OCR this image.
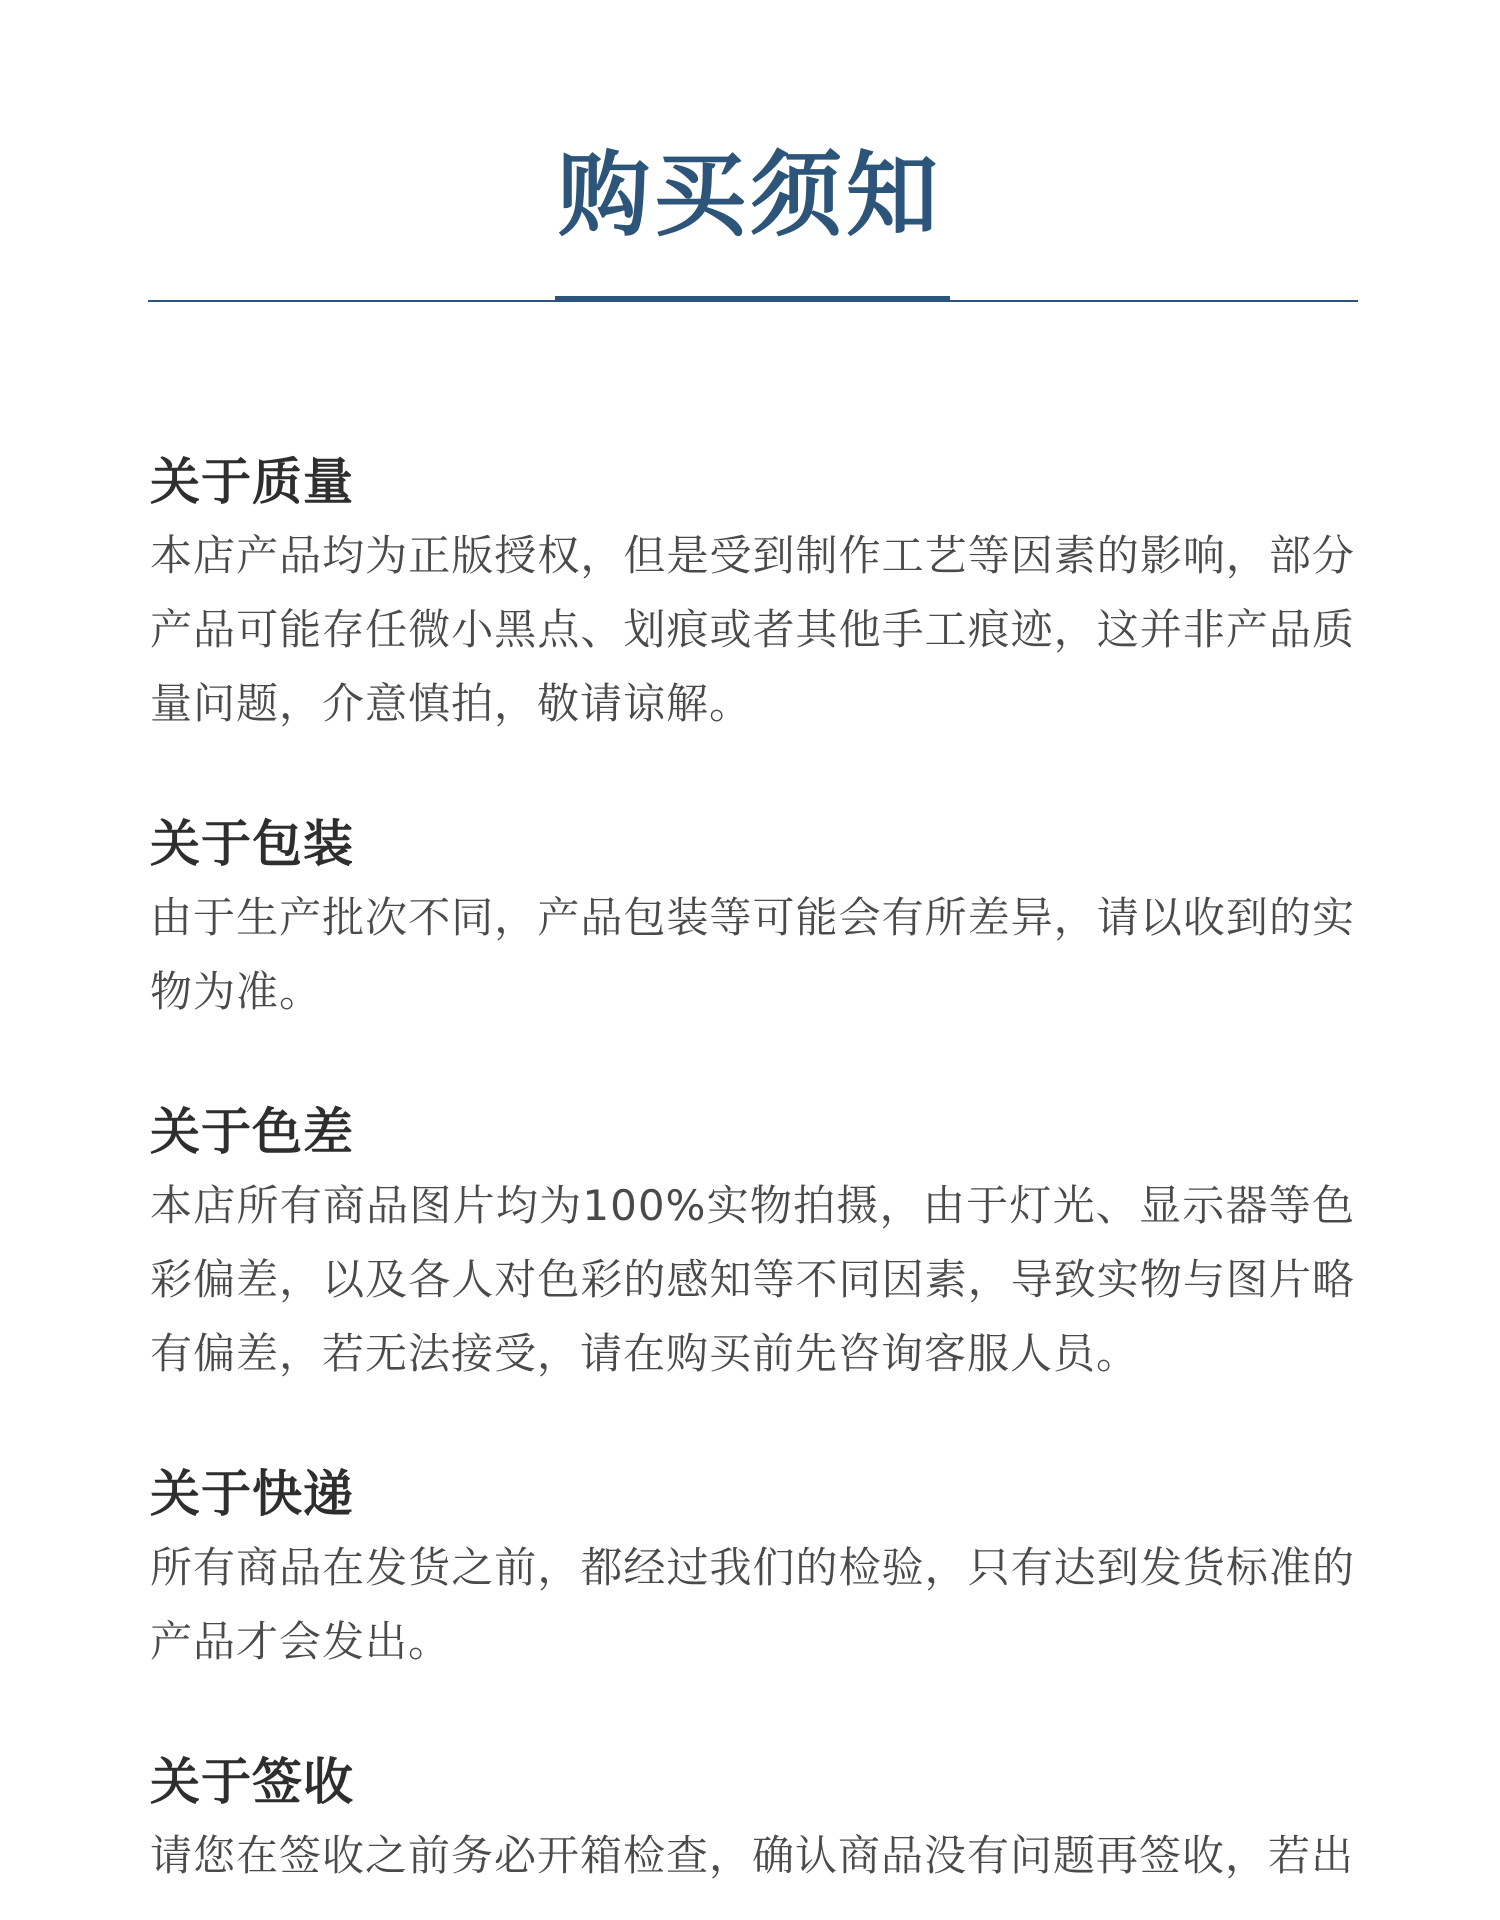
购买须知
关于质量

本店产品均为正版授权，但是受到制作工艺等因素的影响，部分产品可能存任微小黑点、划痕或者其他手工痕迹，这并非产品质量问题，介意慎拍，敬请谅解。

关于包装

由于生产批次不同，产品包装等可能会有所差异，请以收到的实物为准。

关于色差

本店所有商品图片均为100%实物拍摄，由于灯光、显示器等色彩偏差，以及各人对色彩的感知等不同因素，导致实物与图片略有偏差，若无法接受，请在购买前先咨询客服人员。

关于快递

所有商品在发货之前，都经过我们的检验，只有达到发货标准的产品才会发出。

关于签收

请您在签收之前务必开箱检查，确认商品没有问题再签收，若出
